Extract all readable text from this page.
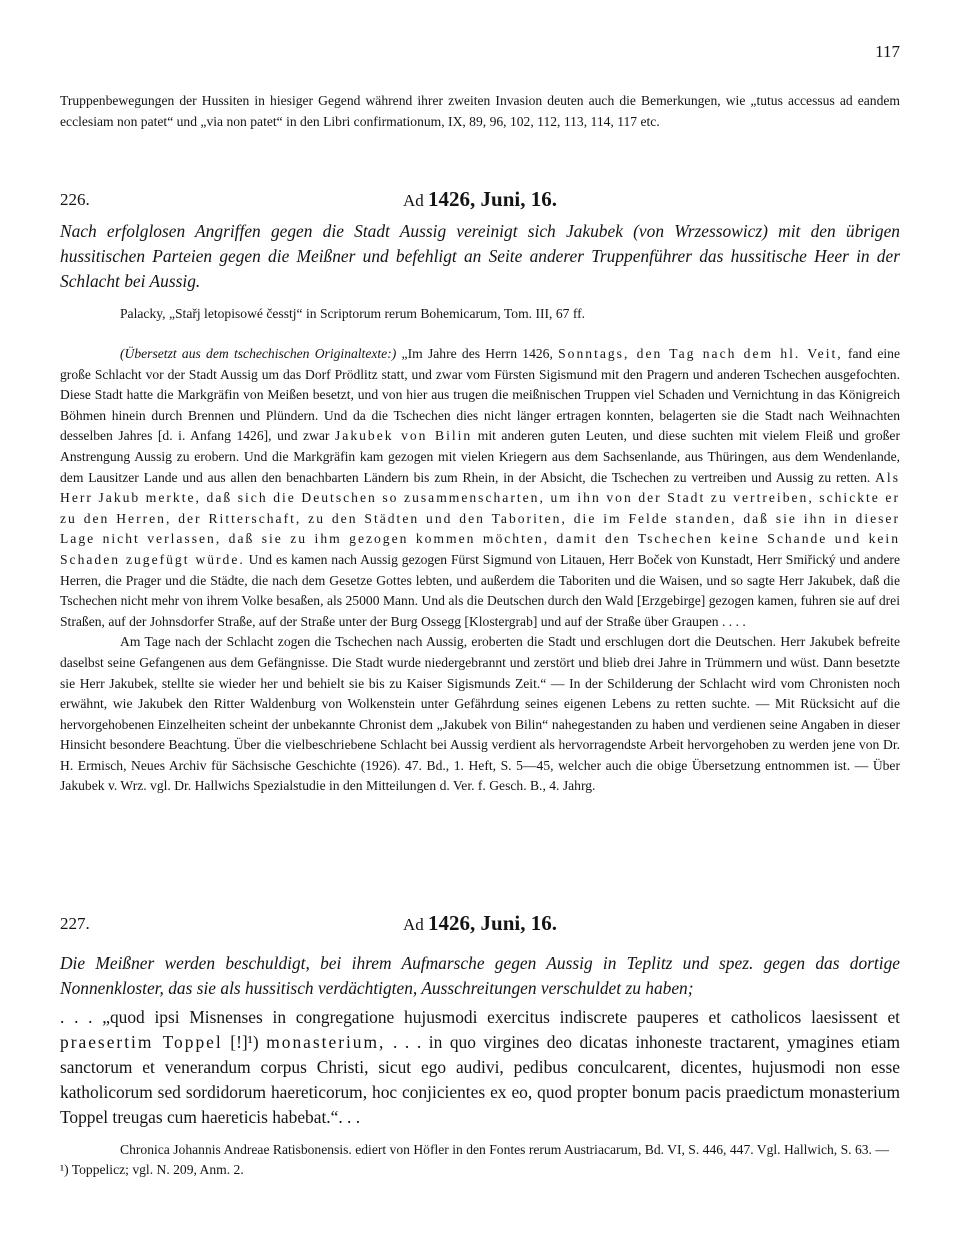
117

Truppenbewegungen der Hussiten in hiesiger Gegend während ihrer zweiten Invasion deuten auch die Bemerkungen, wie „tutus accessus ad eandem ecclesiam non patet“ und „via non patet“ in den Libri confirmationum, IX, 89, 96, 102, 112, 113, 114, 117 etc.

226.	Ad 1426, Juni, 16.

Nach erfolglosen Angriffen gegen die Stadt Aussig vereinigt sich Jakubek (von Wrzessowicz) mit den übrigen hussitischen Parteien gegen die Meißner und befehligt an Seite anderer Truppenführer das hussitische Heer in der Schlacht bei Aussig.

Palacky, „Stařj letopisowé česstj“ in Scriptorum rerum Bohemicarum, Tom. III, 67 ff.

(Übersetzt aus dem tschechischen Originaltexte:) „Im Jahre des Herrn 1426, Sonntags, den Tag nach dem hl. Veit, fand eine große Schlacht vor der Stadt Aussig um das Dorf Prödlitz statt, und zwar vom Fürsten Sigismund mit den Pragern und anderen Tschechen ausgefochten. Diese Stadt hatte die Markgräfin von Meißen besetzt, und von hier aus trugen die meißnischen Truppen viel Schaden und Vernichtung in das Königreich Böhmen hinein durch Brennen und Plündern. Und da die Tschechen dies nicht länger ertragen konnten, belagerten sie die Stadt nach Weihnachten desselben Jahres [d. i. Anfang 1426], und zwar Jakubek von Bilin mit anderen guten Leuten, und diese suchten mit vielem Fleiß und großer Anstrengung Aussig zu erobern. Und die Markgräfin kam gezogen mit vielen Kriegern aus dem Sachsenlande, aus Thüringen, aus dem Wendenlande, dem Lausitzer Lande und aus allen den benachbarten Ländern bis zum Rhein, in der Absicht, die Tschechen zu vertreiben und Aussig zu retten. Als Herr Jakub merkte, daß sich die Deutschen so zusammenscharten, um ihn von der Stadt zu vertreiben, schickte er zu den Herren, der Ritterschaft, zu den Städten und den Taboriten, die im Felde standen, daß sie ihn in dieser Lage nicht verlassen, daß sie zu ihm gezogen kommen möchten, damit den Tschechen keine Schande und kein Schaden zugefügt würde. Und es kamen nach Aussig gezogen Fürst Sigmund von Litauen, Herr Boček von Kunstadt, Herr Smiřický und andere Herren, die Prager und die Städte, die nach dem Gesetze Gottes lebten, und außerdem die Taboriten und die Waisen, und so sagte Herr Jakubek, daß die Tschechen nicht mehr von ihrem Volke besaßen, als 25000 Mann. Und als die Deutschen durch den Wald [Erzgebirge] gezogen kamen, fuhren sie auf drei Straßen, auf der Johnsdorfer Straße, auf der Straße unter der Burg Ossegg [Klostergrab] und auf der Straße über Graupen . . . .

Am Tage nach der Schlacht zogen die Tschechen nach Aussig, eroberten die Stadt und erschlugen dort die Deutschen. Herr Jakubek befreite daselbst seine Gefangenen aus dem Gefängnisse. Die Stadt wurde niedergebrannt und zerstört und blieb drei Jahre in Trümmern und wüst. Dann besetzte sie Herr Jakubek, stellte sie wieder her und behielt sie bis zu Kaiser Sigismunds Zeit.“ — In der Schilderung der Schlacht wird vom Chronisten noch erwähnt, wie Jakubek den Ritter Waldenburg von Wolkenstein unter Gefährdung seines eigenen Lebens zu retten suchte. — Mit Rücksicht auf die hervorgehobenen Einzelheiten scheint der unbekannte Chronist dem „Jakubek von Bilin“ nahegestanden zu haben und verdienen seine Angaben in dieser Hinsicht besondere Beachtung. Über die vielbeschriebene Schlacht bei Aussig verdient als hervorragendste Arbeit hervorgehoben zu werden jene von Dr. H. Ermisch, Neues Archiv für Sächsische Geschichte (1926). 47. Bd., 1. Heft, S. 5—45, welcher auch die obige Übersetzung entnommen ist. — Über Jakubek v. Wrz. vgl. Dr. Hallwichs Spezialstudie in den Mitteilungen d. Ver. f. Gesch. B., 4. Jahrg.

227.	Ad 1426, Juni, 16.

Die Meißner werden beschuldigt, bei ihrem Aufmarsche gegen Aussig in Teplitz und spez. gegen das dortige Nonnenkloster, das sie als hussitisch verdächtigten, Ausschreitungen verschuldet zu haben;

. . . „quod ipsi Misnenses in congregatione hujusmodi exercitus indiscrete pauperes et catholicos laesissent et praesertim Toppel [!]¹) monasterium, . . . in quo virgines deo dicatas inhoneste tractarent, ymagines etiam sanctorum et venerandum corpus Christi, sicut ego audivi, pedibus conculcarent, dicentes, hujusmodi non esse katholicorum sed sordidorum haereticorum, hoc conjicientes ex eo, quod propter bonum pacis praedictum monasterium Toppel treugas cum haereticis habebat.“. . .

Chronica Johannis Andreae Ratisbonensis. ediert von Höfler in den Fontes rerum Austriacarum, Bd. VI, S. 446, 447. Vgl. Hallwich, S. 63. — ¹) Toppelicz; vgl. N. 209, Anm. 2.
